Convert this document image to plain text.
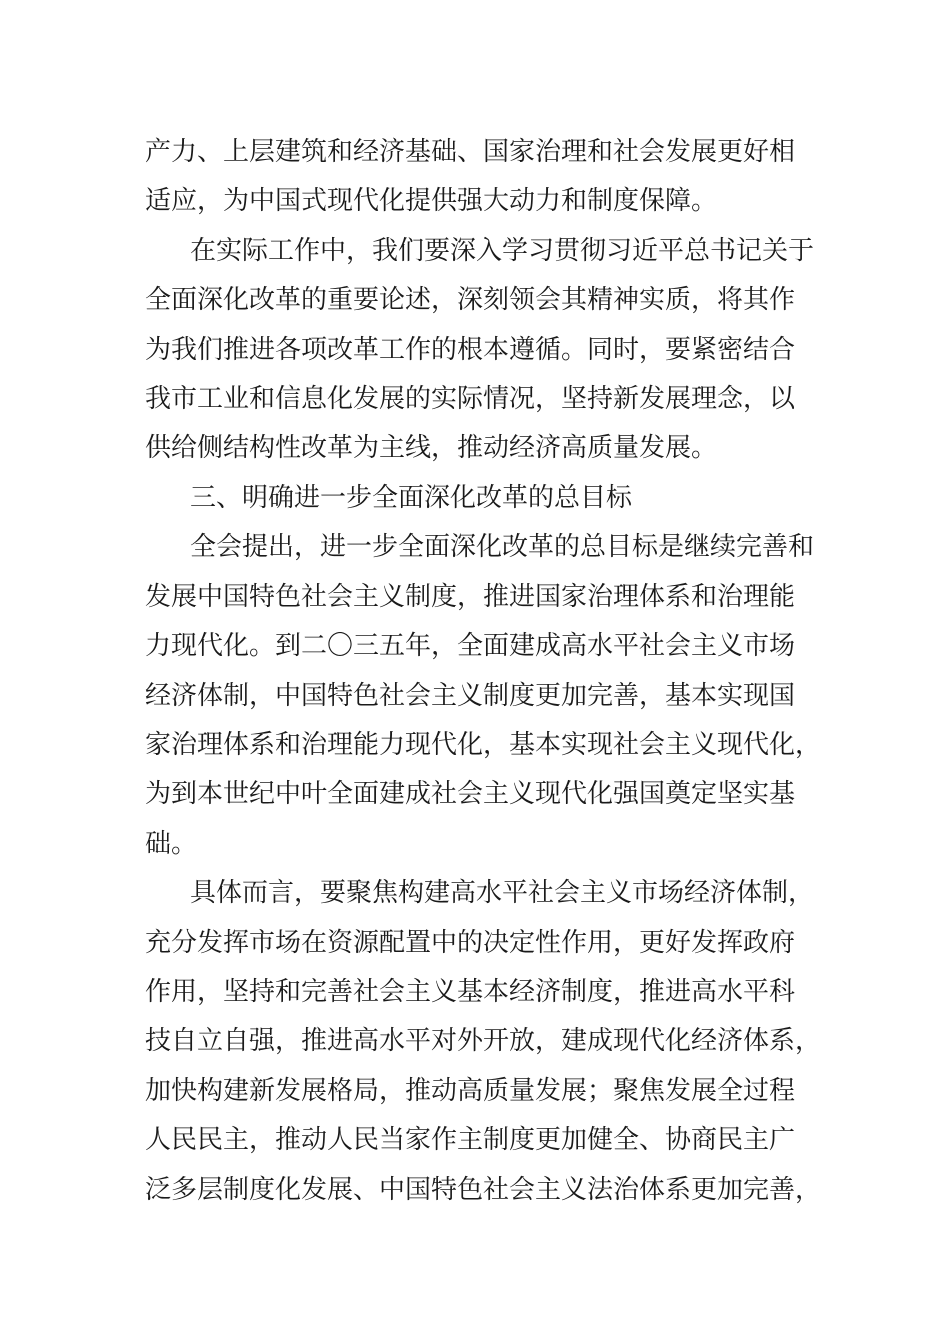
产力、上层建筑和经济基础、国家治理和社会发展更好相

适应，为中国式现代化提供强大动力和制度保障。

在实际工作中，我们要深入学习贯彻习近平总书记关于

全面深化改革的重要论述，深刻领会其精神实质，将其作

为我们推进各项改革工作的根本遵循。同时，要紧密结合

我市工业和信息化发展的实际情况，坚持新发展理念，以

供给侧结构性改革为主线，推动经济高质量发展。

三、明确进一步全面深化改革的总目标

全会提出，进一步全面深化改革的总目标是继续完善和

发展中国特色社会主义制度，推进国家治理体系和治理能

力现代化。到二〇三五年，全面建成高水平社会主义市场

经济体制，中国特色社会主义制度更加完善，基本实现国

家治理体系和治理能力现代化，基本实现社会主义现代化，

为到本世纪中叶全面建成社会主义现代化强国奠定坚实基

础。

具体而言，要聚焦构建高水平社会主义市场经济体制，

充分发挥市场在资源配置中的决定性作用，更好发挥政府

作用，坚持和完善社会主义基本经济制度，推进高水平科

技自立自强，推进高水平对外开放，建成现代化经济体系，

加快构建新发展格局，推动高质量发展；聚焦发展全过程

人民民主，推动人民当家作主制度更加健全、协商民主广

泛多层制度化发展、中国特色社会主义法治体系更加完善，
